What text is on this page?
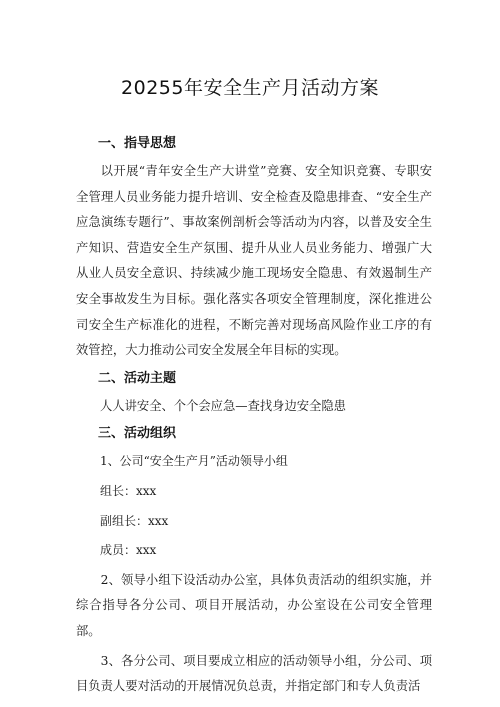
20255年安全生产月活动方案
一、指导思想

以开展“青年安全生产大讲堂”竞赛、安全知识竞赛、专职安全管理人员业务能力提升培训、安全检查及隐患排查、“安全生产应急演练专题行”、事故案例剖析会等活动为内容，以普及安全生产知识、营造安全生产氛围、提升从业人员业务能力、增强广大从业人员安全意识、持续减少施工现场安全隐患、有效遏制生产安全事故发生为目标。强化落实各项安全管理制度，深化推进公司安全生产标准化的进程，不断完善对现场高风险作业工序的有效管控，大力推动公司安全发展全年目标的实现。

二、活动主题

人人讲安全、个个会应急—查找身边安全隐患

三、活动组织
1、公司“安全生产月”活动领导小组
组长：xxx
副组长：xxx
成员：xxx

2、领导小组下设活动办公室，具体负责活动的组织实施，并综合指导各分公司、项目开展活动，办公室设在公司安全管理部。

3、各分公司、项目要成立相应的活动领导小组，分公司、项目负责人要对活动的开展情况负总责，并指定部门和专人负责活
